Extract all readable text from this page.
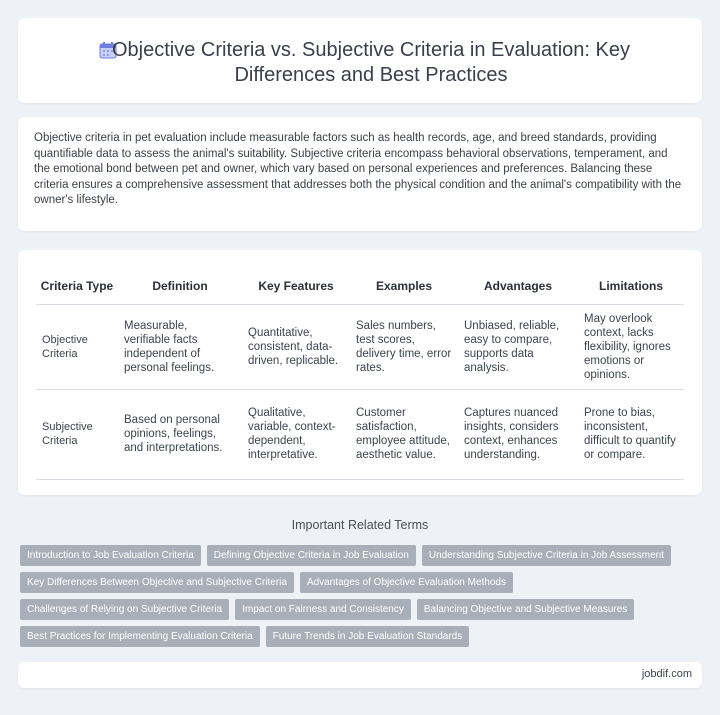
Objective Criteria vs. Subjective Criteria in Evaluation: Key Differences and Best Practices

Objective criteria in pet evaluation include measurable factors such as health records, age, and breed standards, providing quantifiable data to assess the animal's suitability. Subjective criteria encompass behavioral observations, temperament, and the emotional bond between pet and owner, which vary based on personal experiences and preferences. Balancing these criteria ensures a comprehensive assessment that addresses both the physical condition and the animal's compatibility with the owner's lifestyle.

Criteria Type	Definition	Key Features	Examples	Advantages	Limitations
Objective Criteria	Measurable, verifiable facts independent of personal feelings.	Quantitative, consistent, data-driven, replicable.	Sales numbers, test scores, delivery time, error rates.	Unbiased, reliable, easy to compare, supports data analysis.	May overlook context, lacks flexibility, ignores emotions or opinions.
Subjective Criteria	Based on personal opinions, feelings, and interpretations.	Qualitative, variable, context-dependent, interpretative.	Customer satisfaction, employee attitude, aesthetic value.	Captures nuanced insights, considers context, enhances understanding.	Prone to bias, inconsistent, difficult to quantify or compare.
Important Related Terms
Introduction to Job Evaluation Criteria	Defining Objective Criteria in Job Evaluation	Understanding Subjective Criteria in Job Assessment
Key Differences Between Objective and Subjective Criteria	Advantages of Objective Evaluation Methods
Challenges of Relying on Subjective Criteria	Impact on Fairness and Consistency	Balancing Objective and Subjective Measures
Best Practices for Implementing Evaluation Criteria	Future Trends in Job Evaluation Standards
jobdif.com
